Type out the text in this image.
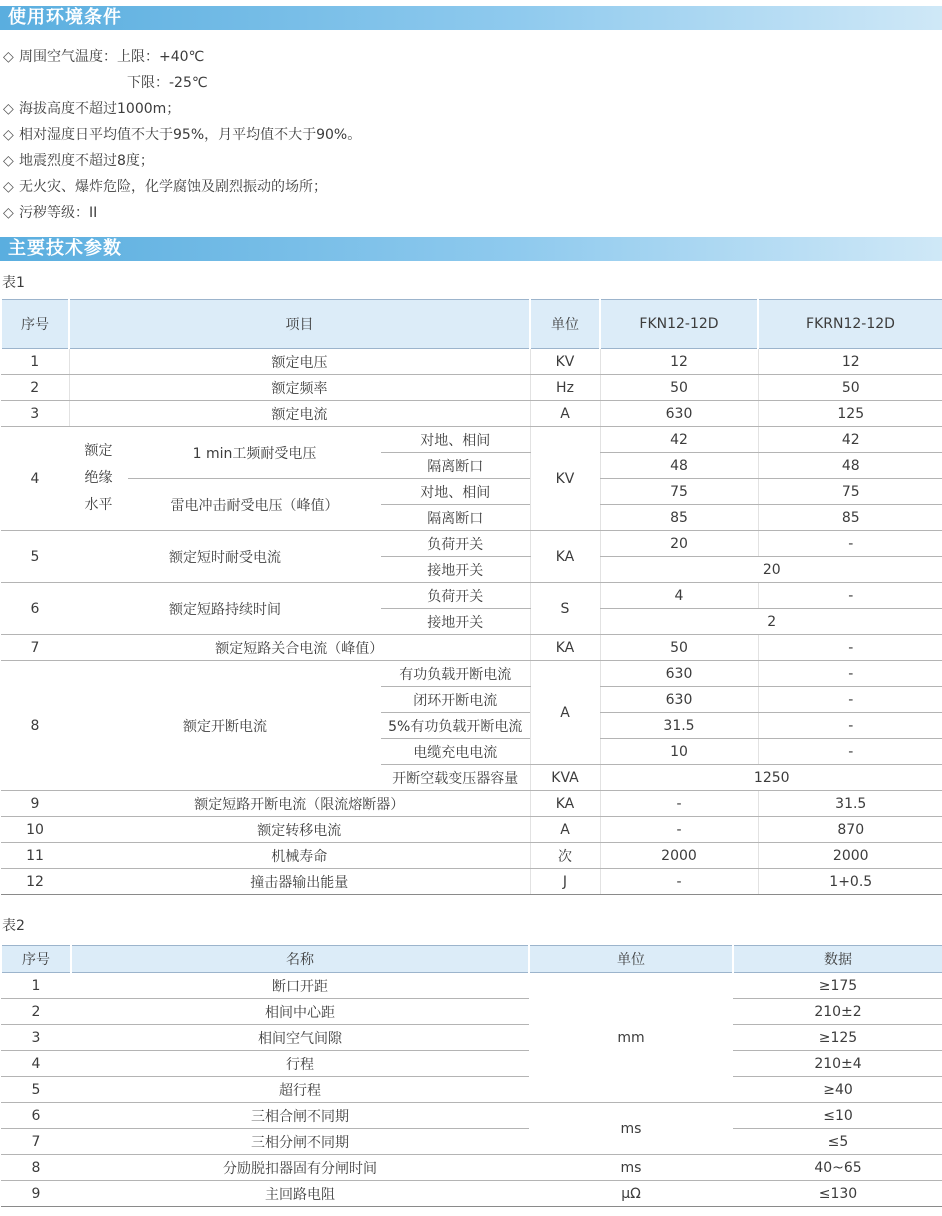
使用环境条件
◇ 周围空气温度：上限：+40℃
下限：-25℃
◇ 海拔高度不超过1000m；
◇ 相对湿度日平均值不大于95%，月平均值不大于90%。
◇ 地震烈度不超过8度；
◇ 无火灾、爆炸危险，化学腐蚀及剧烈振动的场所；
◇ 污秽等级：II
主要技术参数
表1
序号	项目			单位	FKN12-12D	FKRN12-12D
1	额定电压			KV	12	12
2	额定频率			Hz	50	50
3	额定电流			A	630	125
4	额定
绝缘
水平	1 min工频耐受电压	对地、相间	KV	42	42
			隔离断口		48	48
		雷电冲击耐受电压（峰值）	对地、相间		75	75
			隔离断口		85	85
5	额定短时耐受电流		负荷开关	KA	20	-
			接地开关		20	
6	额定短路持续时间		负荷开关	S	4	-
			接地开关		2	
7	额定短路关合电流（峰值）			KA	50	-
8	额定开断电流		有功负载开断电流	A	630	-
			闭环开断电流		630	-
			5%有功负载开断电流		31.5	-
			电缆充电电流		10	-
			开断空载变压器容量	KVA	1250	
9	额定短路开断电流（限流熔断器）			KA	-	31.5
10	额定转移电流			A	-	870
11	机械寿命			次	2000	2000
12	撞击器输出能量			J	-	1+0.5
表2
序号	名称	单位	数据
1	断口开距	mm	≥175
2	相间中心距		210±2
3	相间空气间隙		≥125
4	行程		210±4
5	超行程		≥40
6	三相合闸不同期	ms	≤10
7	三相分闸不同期		≤5
8	分励脱扣器固有分闸时间	ms	40~65
9	主回路电阻	μΩ	≤130
